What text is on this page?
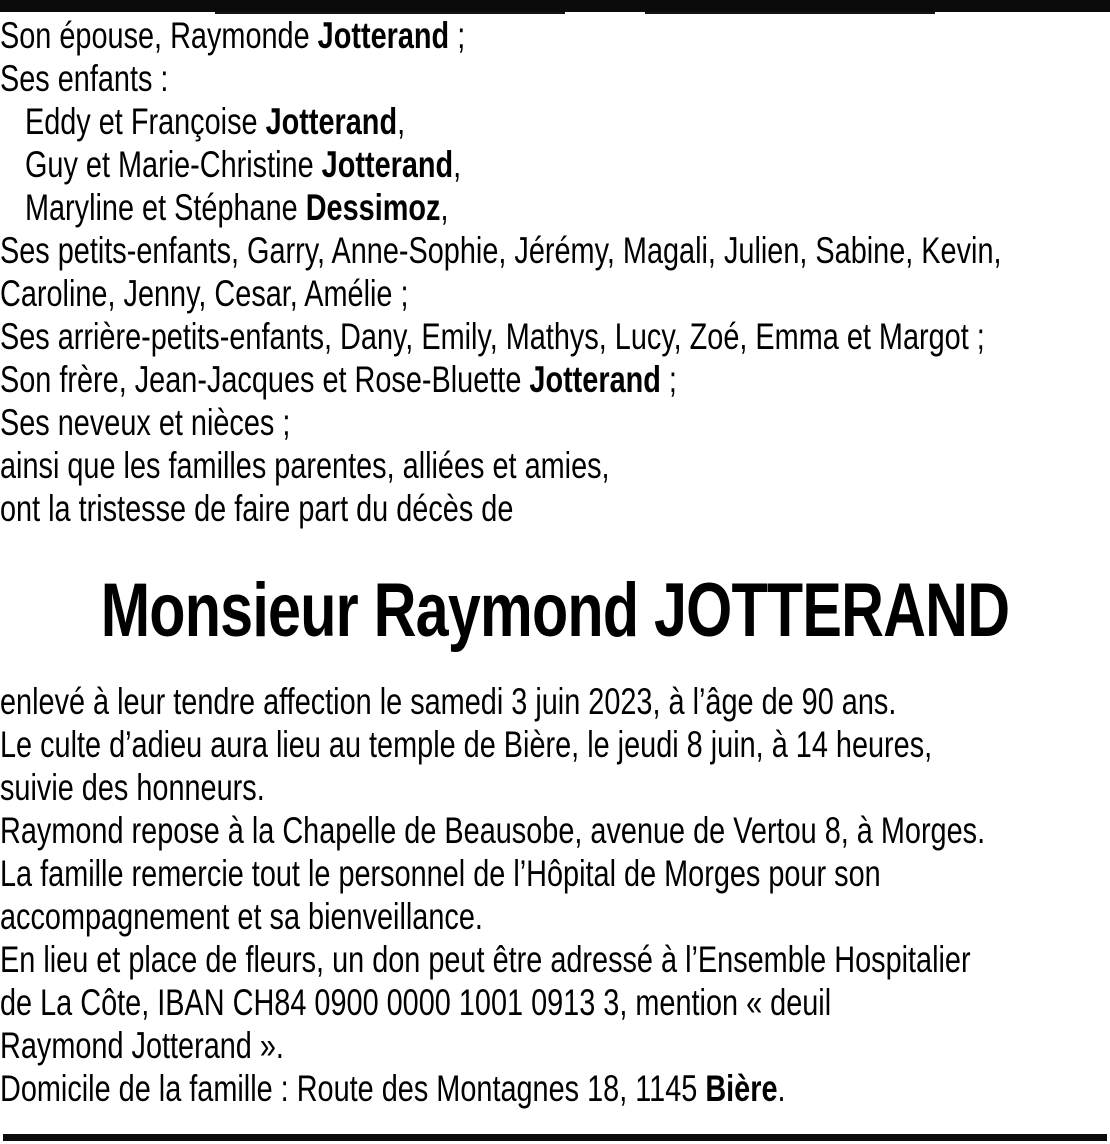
Son épouse, Raymonde Jotterand ;
Ses enfants :
Eddy et Françoise Jotterand,
Guy et Marie-Christine Jotterand,
Maryline et Stéphane Dessimoz,
Ses petits-enfants, Garry, Anne-Sophie, Jérémy, Magali, Julien, Sabine, Kevin,
Caroline, Jenny, Cesar, Amélie ;
Ses arrière-petits-enfants, Dany, Emily, Mathys, Lucy, Zoé, Emma et Margot ;
Son frère, Jean-Jacques et Rose-Bluette Jotterand ;
Ses neveux et nièces ;
ainsi que les familles parentes, alliées et amies,
ont la tristesse de faire part du décès de
Monsieur Raymond JOTTERAND
enlevé à leur tendre affection le samedi 3 juin 2023, à l’âge de 90 ans.
Le culte d’adieu aura lieu au temple de Bière, le jeudi 8 juin, à 14 heures,
suivie des honneurs.
Raymond repose à la Chapelle de Beausobe, avenue de Vertou 8, à Morges.
La famille remercie tout le personnel de l’Hôpital de Morges pour son
accompagnement et sa bienveillance.
En lieu et place de fleurs, un don peut être adressé à l’Ensemble Hospitalier
de La Côte, IBAN CH84 0900 0000 1001 0913 3, mention « deuil
Raymond Jotterand ».
Domicile de la famille : Route des Montagnes 18, 1145 Bière.
